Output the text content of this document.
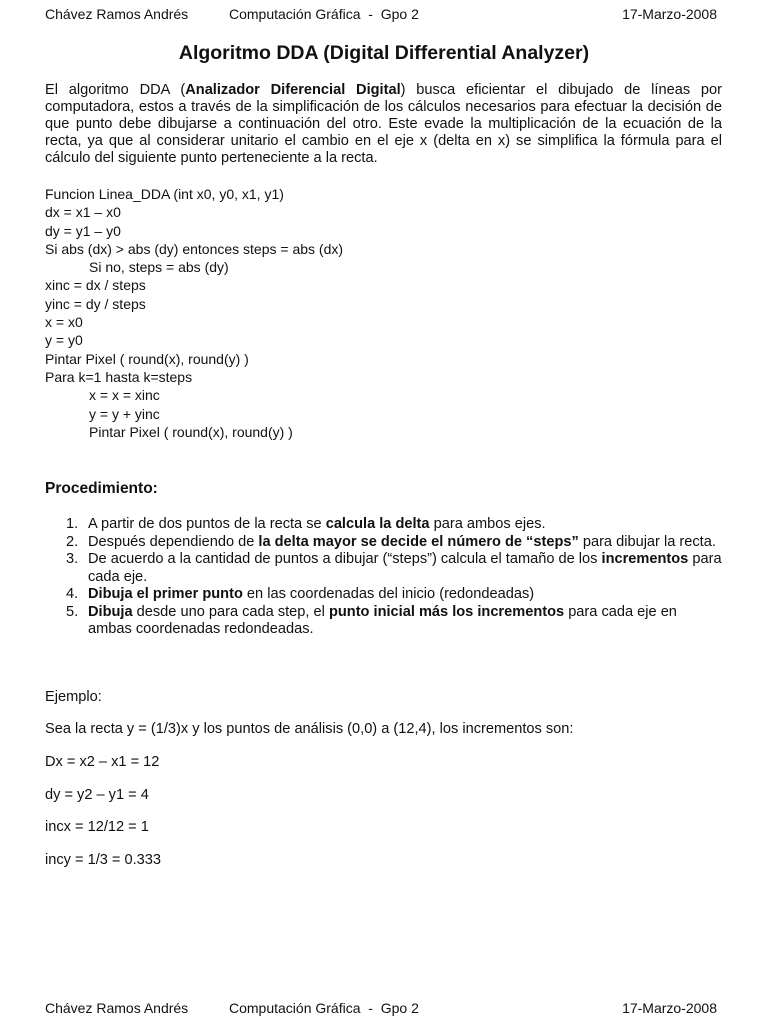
Chávez Ramos Andrés	Computación Gráfica  -  Gpo 2	17-Marzo-2008
Algoritmo DDA (Digital Differential Analyzer)

El algoritmo DDA (Analizador Diferencial Digital) busca eficientar el dibujado de líneas por computadora, estos a través de la simplificación de los cálculos necesarios para efectuar la decisión de que punto debe dibujarse a continuación del otro. Este evade la multiplicación de la ecuación de la recta, ya que al considerar unitario el cambio en el eje x (delta en x) se simplifica la fórmula para el cálculo del siguiente punto perteneciente a la recta.

Funcion Linea_DDA (int x0, y0, x1, y1)
dx = x1 – x0
dy = y1 – y0
Si abs (dx) > abs (dy) entonces steps = abs (dx)
Si no, steps = abs (dy)
xinc = dx / steps
yinc = dy / steps
x = x0
y = y0
Pintar Pixel ( round(x), round(y) )
Para k=1 hasta k=steps
x = x = xinc
y = y + yinc
Pintar Pixel ( round(x), round(y) )
Procedimiento:
1. A partir de dos puntos de la recta se calcula la delta para ambos ejes.
2. Después dependiendo de la delta mayor se decide el número de “steps” para dibujar la recta.
3. De acuerdo a la cantidad de puntos a dibujar (“steps”) calcula el tamaño de los incrementos para cada eje.
4. Dibuja el primer punto en las coordenadas del inicio (redondeadas)
5. Dibuja desde uno para cada step, el punto inicial más los incrementos para cada eje en ambas coordenadas redondeadas.
Ejemplo:
Sea la recta y = (1/3)x y los puntos de análisis (0,0) a (12,4), los incrementos son:
Dx = x2 – x1 = 12
dy = y2 – y1 = 4
incx = 12/12 = 1
incy = 1/3 = 0.333
Chávez Ramos Andrés	Computación Gráfica  -  Gpo 2	17-Marzo-2008
